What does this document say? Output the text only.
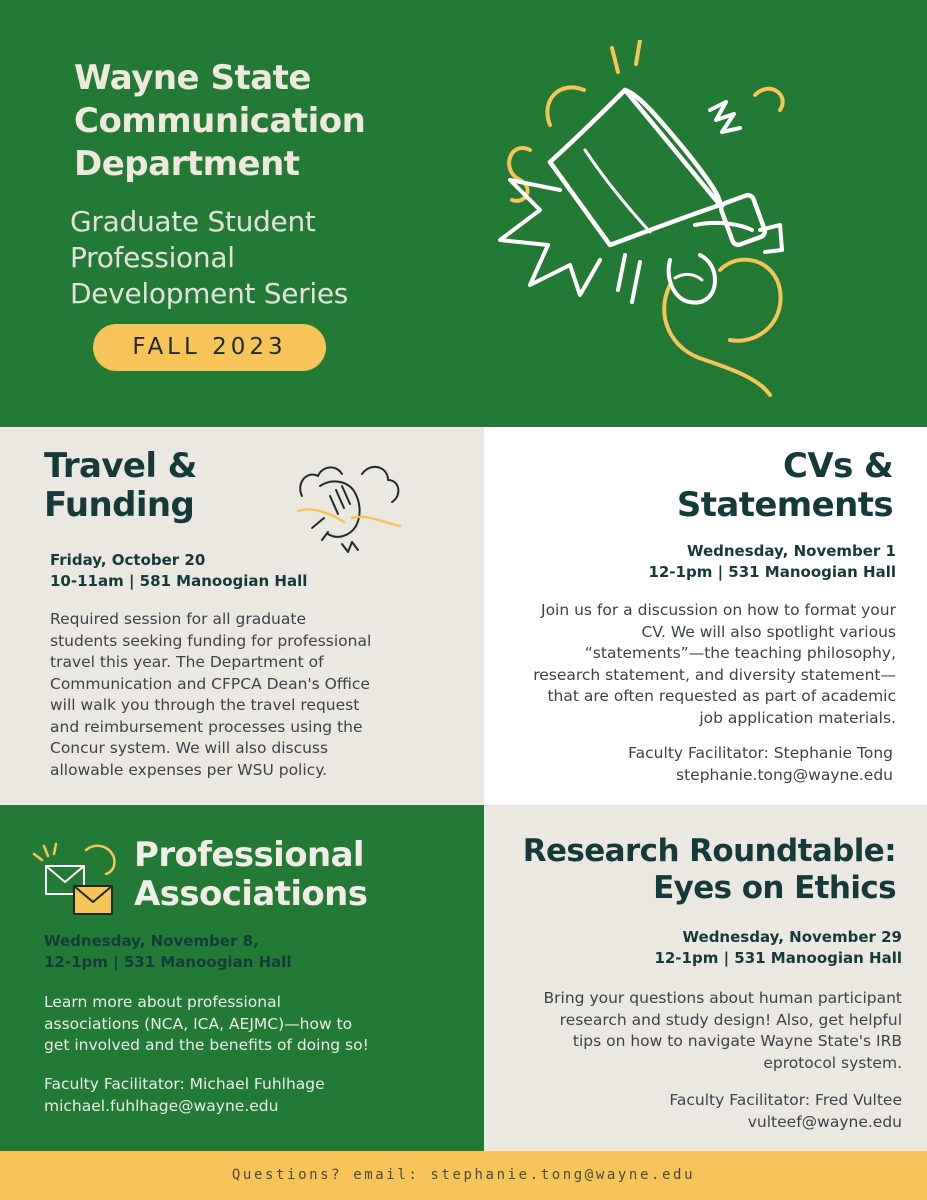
Wayne State
Communication
Department
Graduate Student
Professional
Development Series
FALL 2023
Travel &
Funding
Friday, October 20
10-11am | 581 Manoogian Hall
Required session for all graduate
students seeking funding for professional
travel this year. The Department of
Communication and CFPCA Dean's Office
will walk you through the travel request
and reimbursement processes using the
Concur system. We will also discuss
allowable expenses per WSU policy.
CVs &
Statements
Wednesday, November 1
12-1pm | 531 Manoogian Hall
Join us for a discussion on how to format your
CV. We will also spotlight various
“statements”—the teaching philosophy,
research statement, and diversity statement—
that are often requested as part of academic
job application materials.
Faculty Facilitator: Stephanie Tong
stephanie.tong@wayne.edu
Professional
Associations
Wednesday, November 8,
12-1pm | 531 Manoogian Hall
Learn more about professional
associations (NCA, ICA, AEJMC)—how to
get involved and the benefits of doing so!
Faculty Facilitator: Michael Fuhlhage
michael.fuhlhage@wayne.edu
Research Roundtable:
Eyes on Ethics
Wednesday, November 29
12-1pm | 531 Manoogian Hall
Bring your questions about human participant
research and study design! Also, get helpful
tips on how to navigate Wayne State's IRB
eprotocol system.
Faculty Facilitator: Fred Vultee
vulteef@wayne.edu
Questions? email: stephanie.tong@wayne.edu
